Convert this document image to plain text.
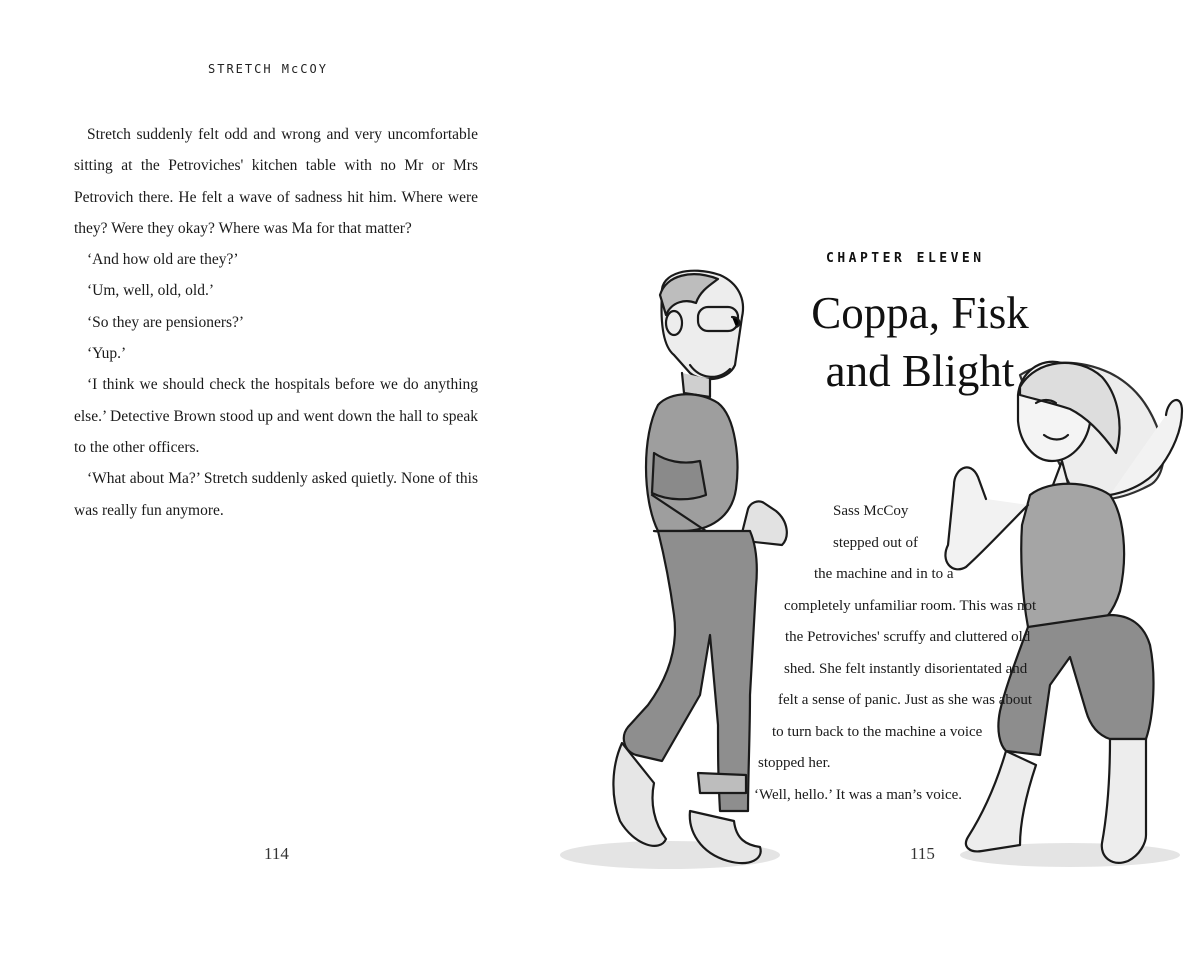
STRETCH McCOY

Stretch suddenly felt odd and wrong and very uncomfortable sitting at the Petroviches' kitchen table with no Mr or Mrs Petrovich there. He felt a wave of sadness hit him. Where were they? Were they okay? Where was Ma for that matter?

‘And how old are they?’

‘Um, well, old, old.’

‘So they are pensioners?’

‘Yup.’

‘I think we should check the hospitals before we do anything else.’ Detective Brown stood up and went down the hall to speak to the other officers.

‘What about Ma?’ Stretch suddenly asked quietly. None of this was really fun anymore.

114
CHAPTER ELEVEN
Coppa, Fisk
and Blight

Sass McCoy

stepped out of

the machine and in to a

completely unfamiliar room. This was not

the Petroviches' scruffy and cluttered old

shed. She felt instantly disorientated and

felt a sense of panic. Just as she was about

to turn back to the machine a voice

stopped her.

‘Well, hello.’ It was a man’s voice.

115
